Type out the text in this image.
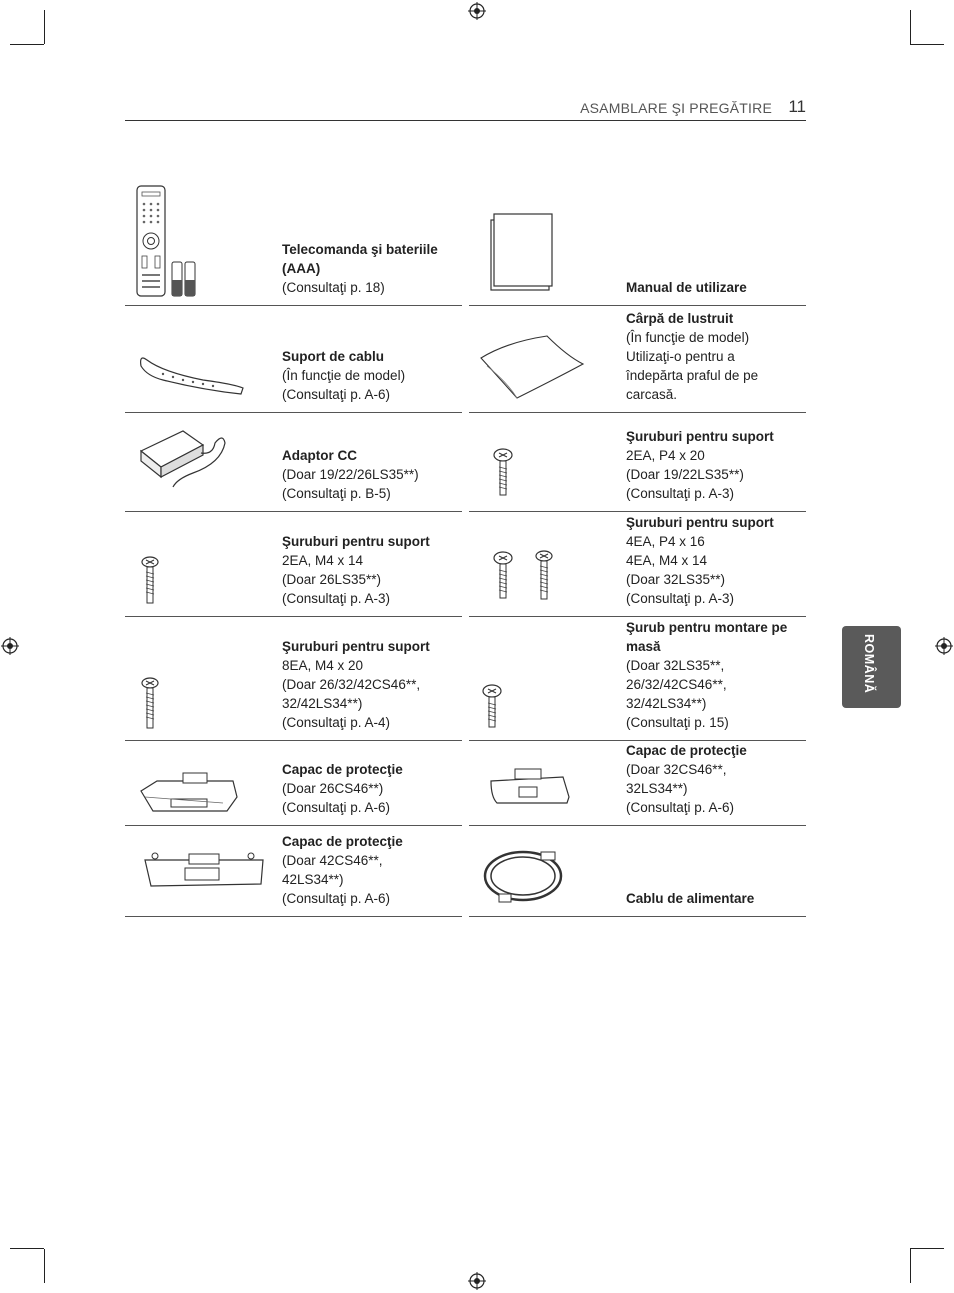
ASAMBLARE ŞI PREGĂTIRE 11
ROMÂNĂ
Telecomanda şi bateriile (AAA)
(Consultaţi p. 18)	Manual de utilizare
Suport de cablu
(În funcţie de model)
(Consultaţi p. A-6)
Cârpă de lustruit
(În funcţie de model)
Utilizaţi-o pentru a
îndepărta praful de pe
carcasă.
Adaptor CC
(Doar 19/22/26LS35**)
(Consultaţi p. B-5)
Şuruburi pentru suport
2EA, P4 x 20
(Doar 19/22LS35**)
(Consultaţi p. A-3)
Şuruburi pentru suport
2EA, M4 x 14
(Doar 26LS35**)
(Consultaţi p. A-3)
Şuruburi pentru suport
4EA, P4 x 16
4EA, M4 x 14
(Doar 32LS35**)
(Consultaţi p. A-3)
Şuruburi pentru suport
8EA, M4 x 20
(Doar 26/32/42CS46**,
32/42LS34**)
(Consultaţi p. A-4)
Şurub pentru montare pe masă
(Doar 32LS35**,
26/32/42CS46**,
32/42LS34**)
(Consultaţi p. 15)
Capac de protecţie
(Doar 26CS46**)
(Consultaţi p. A-6)
Capac de protecţie
(Doar 32CS46**,
32LS34**)
(Consultaţi p. A-6)
Capac de protecţie
(Doar 42CS46**,
42LS34**)
(Consultaţi p. A-6)	Cablu de alimentare
